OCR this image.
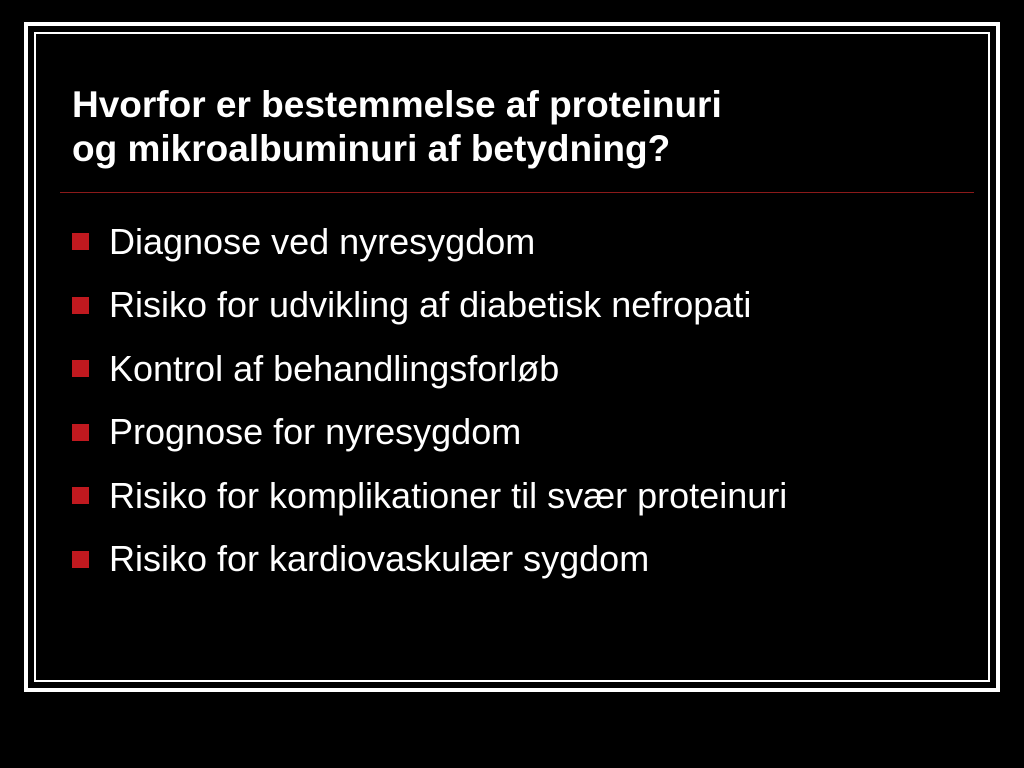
Hvorfor er bestemmelse af proteinuri
og mikroalbuminuri af betydning?
Diagnose ved nyresygdom
Risiko for udvikling af diabetisk nefropati
Kontrol af behandlingsforløb
Prognose for nyresygdom
Risiko for komplikationer til svær proteinuri
Risiko for kardiovaskulær sygdom
